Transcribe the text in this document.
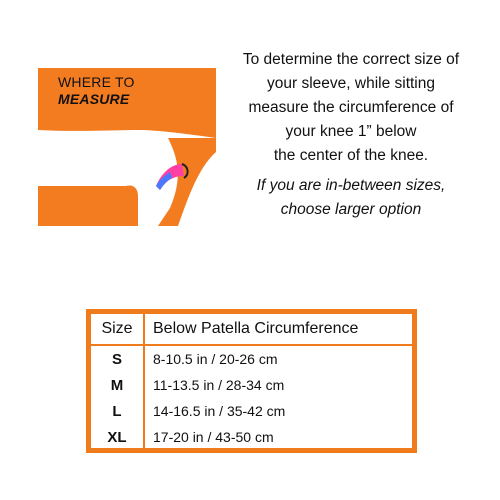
WHERE TO
MEASURE
To determine the correct size of
your sleeve, while sitting
measure the circumference of
your knee 1” below
the center of the knee.
If you are in-between sizes,
choose larger option
Size	Below Patella Circumference
S	8-10.5 in / 20-26 cm
M	11-13.5 in / 28-34 cm
L	14-16.5 in / 35-42 cm
XL	17-20 in / 43-50 cm
